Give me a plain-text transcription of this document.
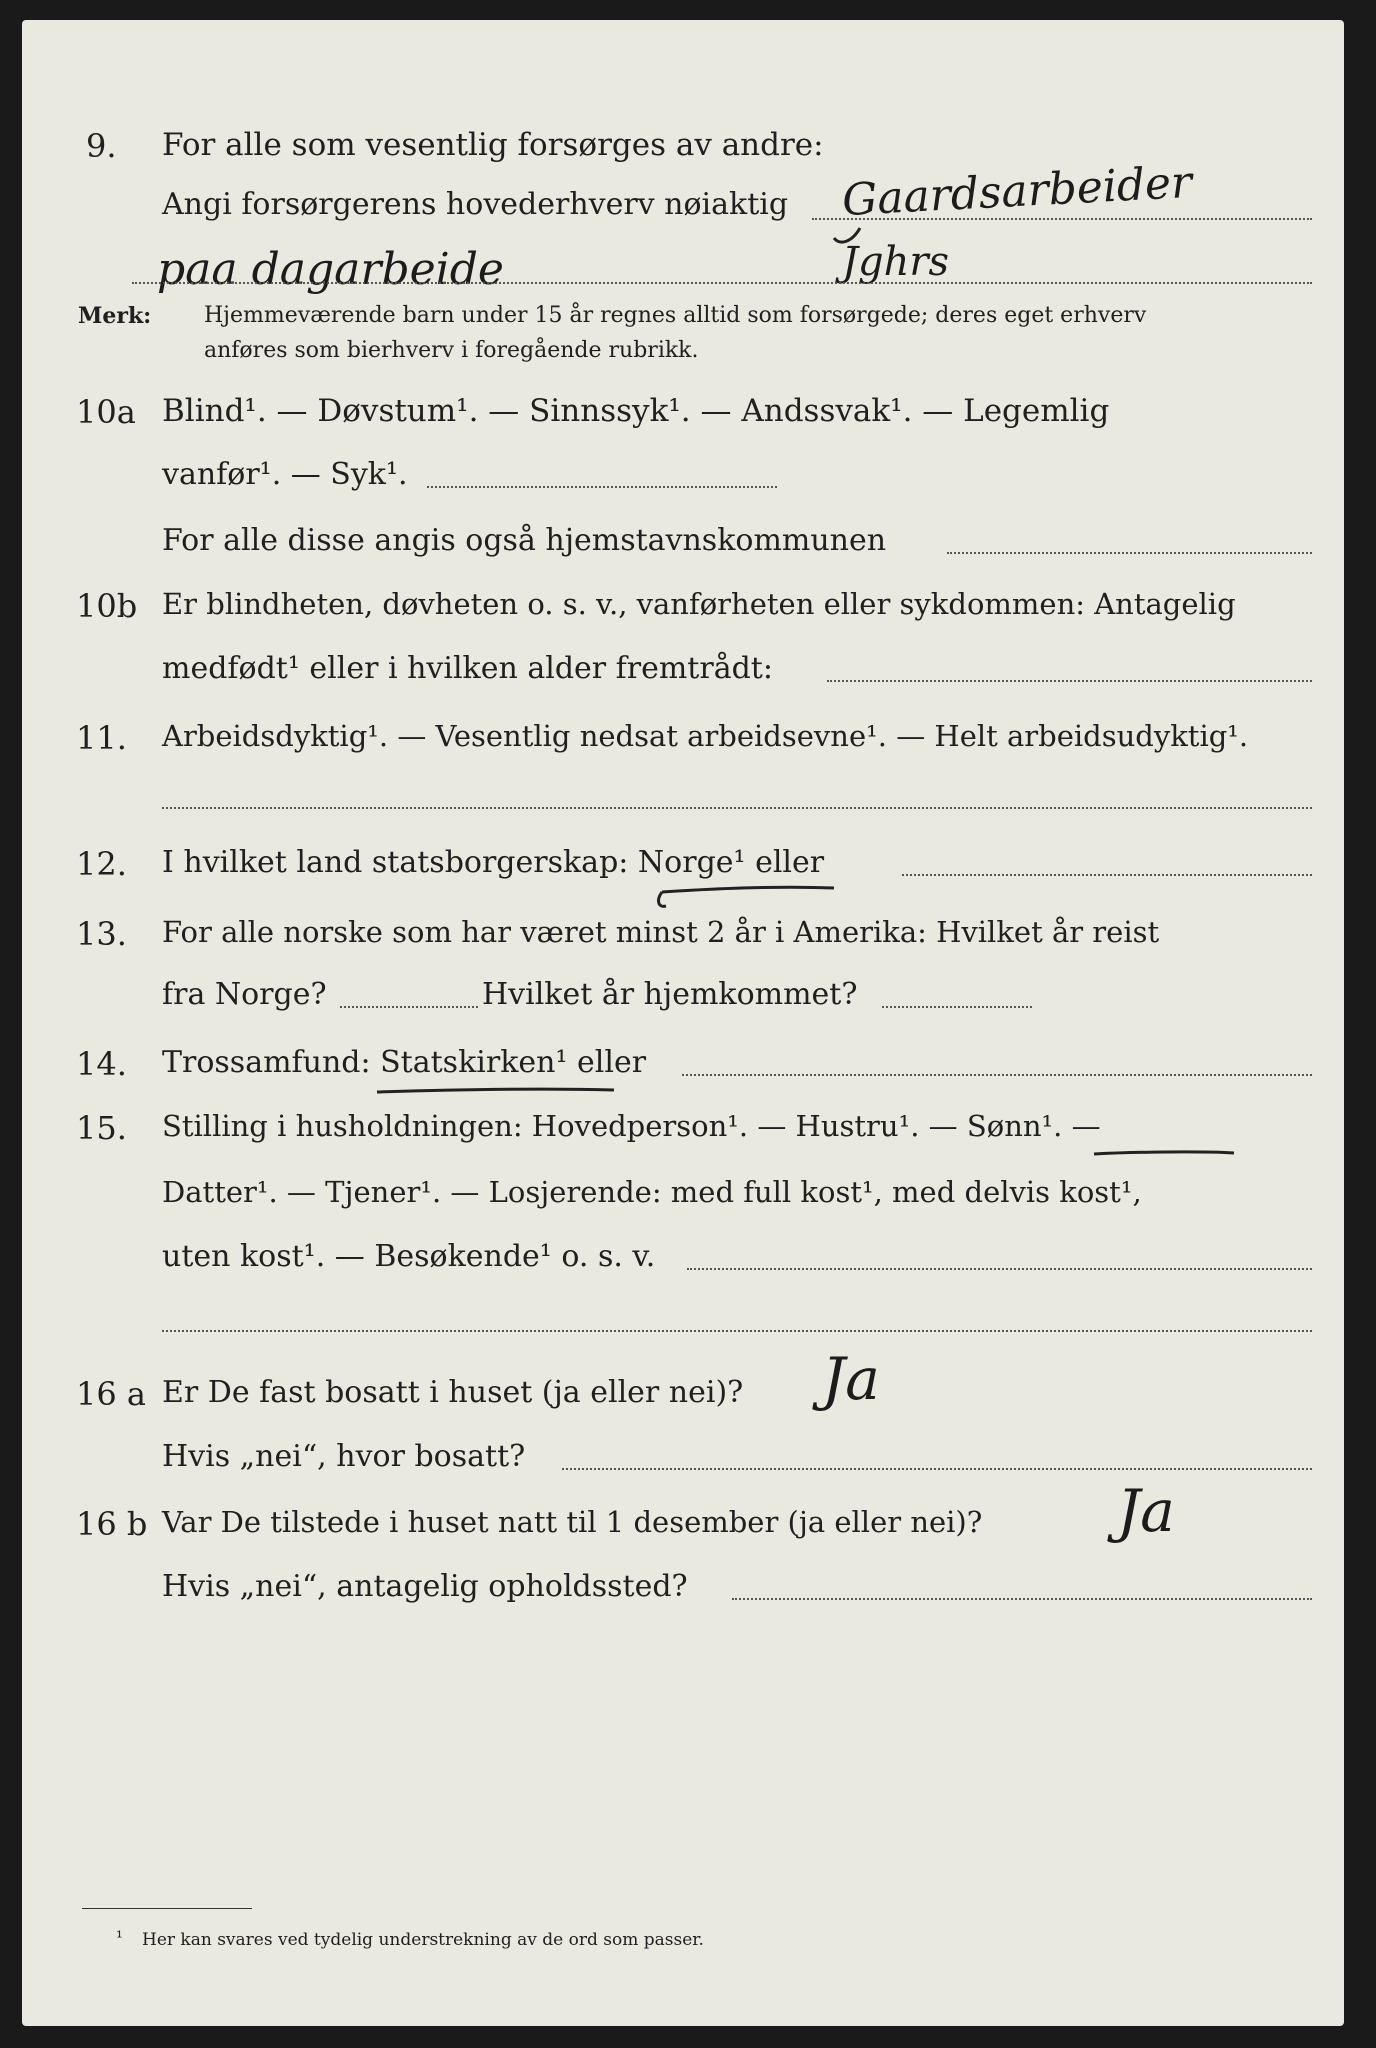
9. For alle som vesentlig forsørges av andre:
Angi forsørgerens hovederhverv nøiaktig Gaardsarbeider
paa dagarbeide	Jghrs
Merk: Hjemmeværende barn under 15 år regnes alltid som forsørgede; deres eget erhverv
anføres som bierhverv i foregående rubrikk.
10a Blind¹. — Døvstum¹. — Sinnssyk¹. — Andssvak¹. — Legemlig
vanfør¹. — Syk¹.
For alle disse angis også hjemstavnskommunen
10b Er blindheten, døvheten o. s. v., vanførheten eller sykdommen: Antagelig
medfødt¹ eller i hvilken alder fremtrådt:
11. Arbeidsdyktig¹. — Vesentlig nedsat arbeidsevne¹. — Helt arbeidsudyktig¹.
12. I hvilket land statsborgerskap: Norge¹ eller
13. For alle norske som har været minst 2 år i Amerika: Hvilket år reist
fra Norge?	Hvilket år hjemkommet?
14. Trossamfund: Statskirken¹ eller
15. Stilling i husholdningen: Hovedperson¹. — Hustru¹. — Sønn¹. —
Datter¹. — Tjener¹. — Losjerende: med full kost¹, med delvis kost¹,
uten kost¹. — Besøkende¹ o. s. v.
16 a Er De fast bosatt i huset (ja eller nei)? Ja
Hvis „nei“, hvor bosatt?
16 b Var De tilstede i huset natt til 1 desember (ja eller nei)? Ja
Hvis „nei“, antagelig opholdssted?
¹ Her kan svares ved tydelig understrekning av de ord som passer.
